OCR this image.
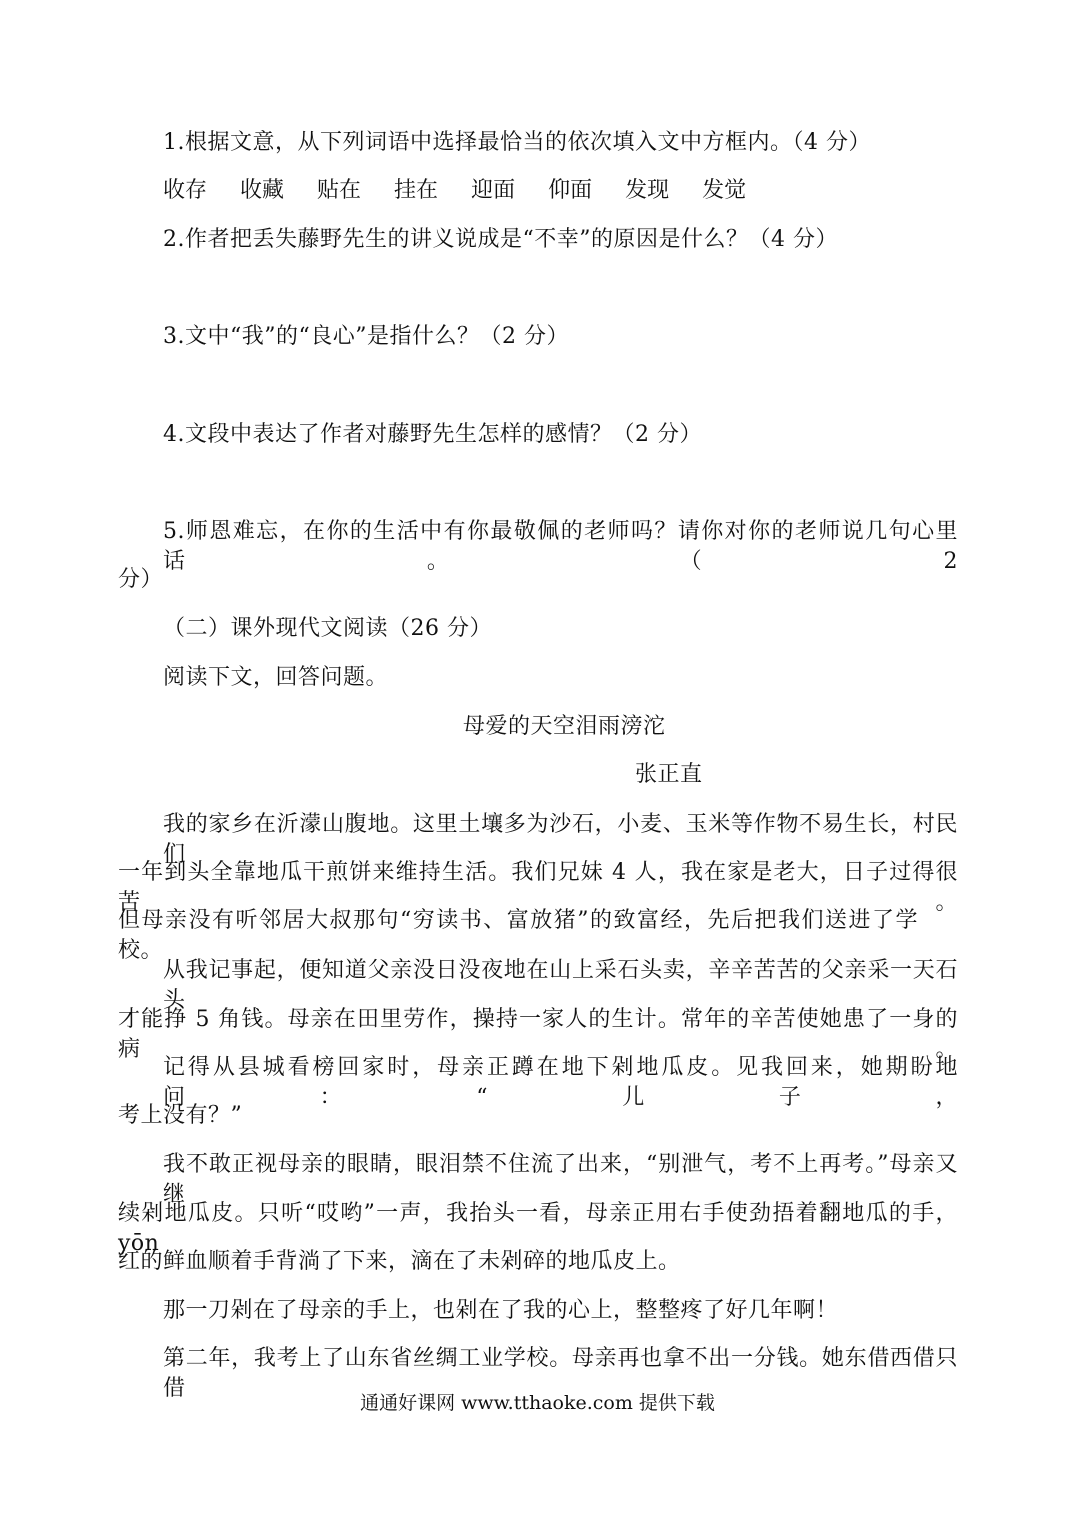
1.根据文意，从下列词语中选择最恰当的依次填入文中方框内。（4 分）
收存 收藏 贴在 挂在 迎面 仰面 发现 发觉
2.作者把丢失藤野先生的讲义说成是“不幸”的原因是什么？（4 分）
3.文中“我”的“良心”是指什么？（2 分）
4.文段中表达了作者对藤野先生怎样的感情？（2 分）
5.师恩难忘，在你的生活中有你最敬佩的老师吗？请你对你的老师说几句心里话。（2
分）
（二）课外现代文阅读（26 分）
阅读下文，回答问题。
母爱的天空泪雨滂沱
张正直
我的家乡在沂濛山腹地。这里土壤多为沙石，小麦、玉米等作物不易生长，村民们
一年到头全靠地瓜干煎饼来维持生活。我们兄妹 4 人，我在家是老大，日子过得很苦。
但母亲没有听邻居大叔那句“穷读书、富放猪”的致富经，先后把我们送进了学校。
从我记事起，便知道父亲没日没夜地在山上采石头卖，辛辛苦苦的父亲采一天石头
才能挣 5 角钱。母亲在田里劳作，操持一家人的生计。常年的辛苦使她患了一身的病。
记得从县城看榜回家时，母亲正蹲在地下剁地瓜皮。见我回来，她期盼地问：“儿子，
考上没有？”
我不敢正视母亲的眼睛，眼泪禁不住流了出来，“别泄气，考不上再考。”母亲又继
续剁地瓜皮。只听“哎哟”一声，我抬头一看，母亲正用右手使劲捂着翻地瓜的手，yōn
红的鲜血顺着手背淌了下来，滴在了未剁碎的地瓜皮上。
那一刀剁在了母亲的手上，也剁在了我的心上，整整疼了好几年啊！
第二年，我考上了山东省丝绸工业学校。母亲再也拿不出一分钱。她东借西借只借
通通好课网 www.tthaoke.com 提供下载
